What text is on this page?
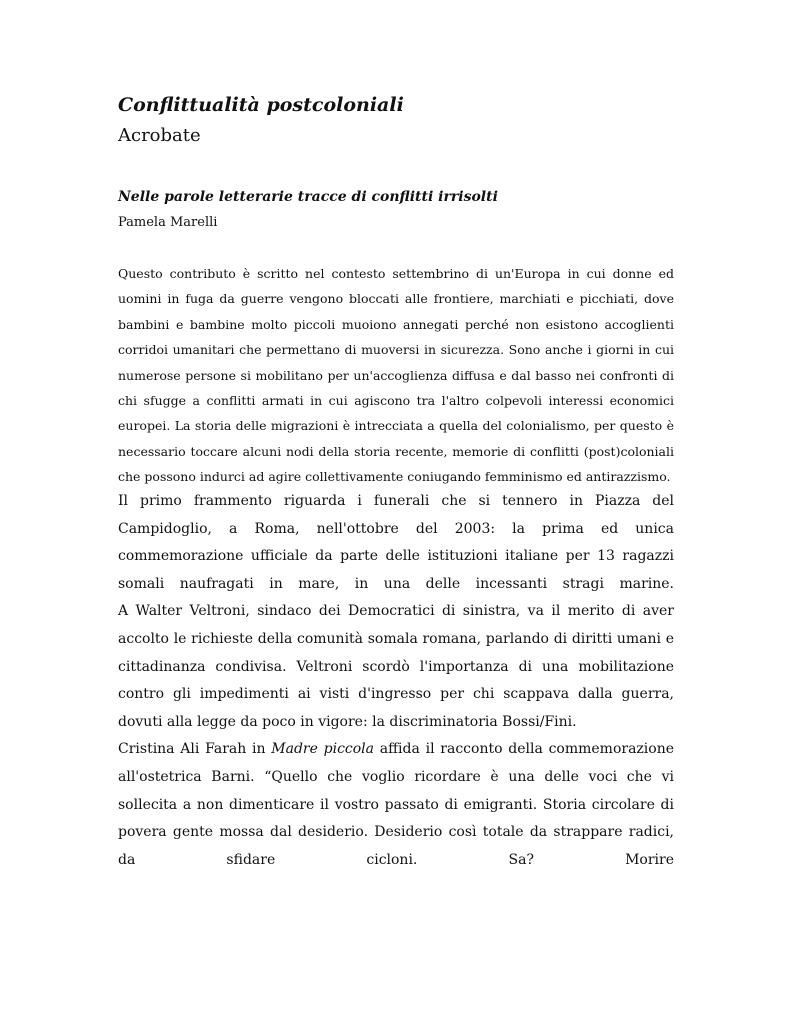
Conflittualità postcoloniali
Acrobate
Nelle parole letterarie tracce di conflitti irrisolti
Pamela Marelli

Questo contributo è scritto nel contesto settembrino di un'Europa in cui donne ed uomini in fuga da guerre vengono bloccati alle frontiere, marchiati e picchiati, dove bambini e bambine molto piccoli muoiono annegati perché non esistono accoglienti corridoi umanitari che permettano di muoversi in sicurezza. Sono anche i giorni in cui numerose persone si mobilitano per un'accoglienza diffusa e dal basso nei confronti di chi sfugge a conflitti armati in cui agiscono tra l'altro colpevoli interessi economici europei. La storia delle migrazioni è intrecciata a quella del colonialismo, per questo è necessario toccare alcuni nodi della storia recente, memorie di conflitti (post)coloniali che possono indurci ad agire collettivamente coniugando femminismo ed antirazzismo.

Il primo frammento riguarda i funerali che si tennero in Piazza del Campidoglio, a Roma, nell'ottobre del 2003: la prima ed unica commemorazione ufficiale da parte delle istituzioni italiane per 13 ragazzi somali naufragati in mare, in una delle incessanti stragi marine.

A Walter Veltroni, sindaco dei Democratici di sinistra, va il merito di aver accolto le richieste della comunità somala romana, parlando di diritti umani e cittadinanza condivisa. Veltroni scordò l'importanza di una mobilitazione contro gli impedimenti ai visti d'ingresso per chi scappava dalla guerra, dovuti alla legge da poco in vigore: la discriminatoria Bossi/Fini.

Cristina Ali Farah in Madre piccola affida il racconto della commemorazione all'ostetrica Barni. “Quello che voglio ricordare è una delle voci che vi sollecita a non dimenticare il vostro passato di emigranti. Storia circolare di povera gente mossa dal desiderio. Desiderio così totale da strappare radici, da sfidare cicloni. Sa? Morire
